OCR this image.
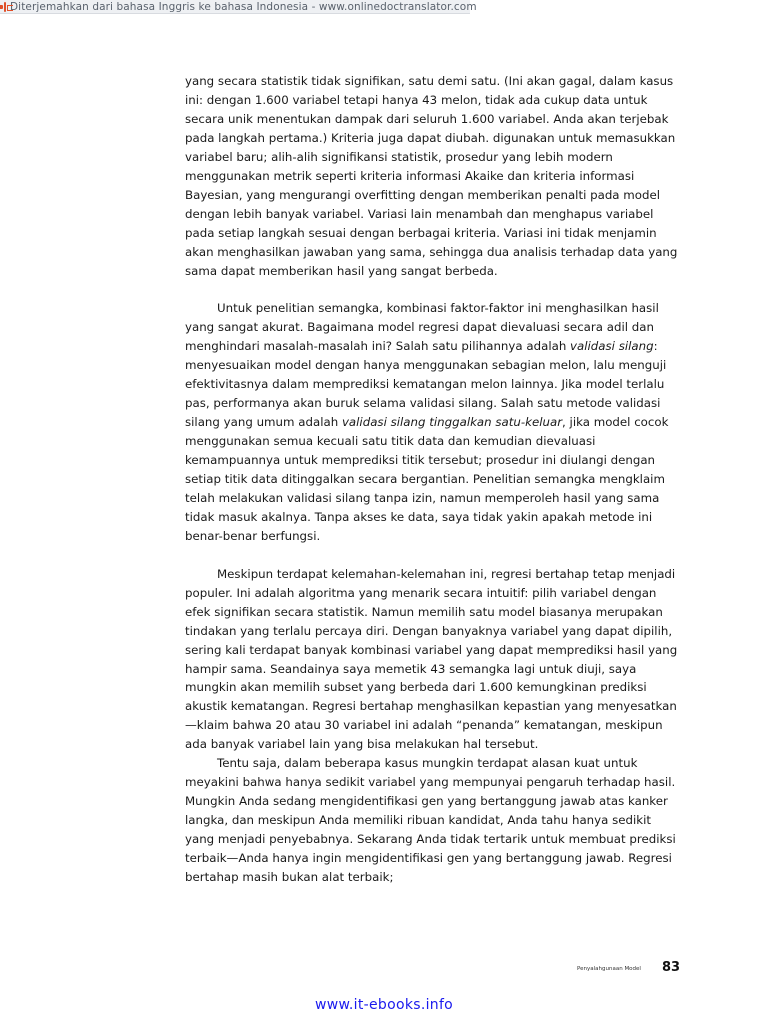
Diterjemahkan dari bahasa Inggris ke bahasa Indonesia - www.onlinedoctranslator.com

yang secara statistik tidak signifikan, satu demi satu. (Ini akan gagal, dalam kasus ini: dengan 1.600 variabel tetapi hanya 43 melon, tidak ada cukup data untuk secara unik menentukan dampak dari seluruh 1.600 variabel. Anda akan terjebak pada langkah pertama.) Kriteria juga dapat diubah. digunakan untuk memasukkan variabel baru; alih-alih signifikansi statistik, prosedur yang lebih modern menggunakan metrik seperti kriteria informasi Akaike dan kriteria informasi Bayesian, yang mengurangi overfitting dengan memberikan penalti pada model dengan lebih banyak variabel. Variasi lain menambah dan menghapus variabel pada setiap langkah sesuai dengan berbagai kriteria. Variasi ini tidak menjamin akan menghasilkan jawaban yang sama, sehingga dua analisis terhadap data yang sama dapat memberikan hasil yang sangat berbeda.

Untuk penelitian semangka, kombinasi faktor-faktor ini menghasilkan hasil yang sangat akurat. Bagaimana model regresi dapat dievaluasi secara adil dan menghindari masalah-masalah ini? Salah satu pilihannya adalah validasi silang: menyesuaikan model dengan hanya menggunakan sebagian melon, lalu menguji efektivitasnya dalam memprediksi kematangan melon lainnya. Jika model terlalu pas, performanya akan buruk selama validasi silang. Salah satu metode validasi silang yang umum adalah validasi silang tinggalkan satu-keluar, jika model cocok menggunakan semua kecuali satu titik data dan kemudian dievaluasi kemampuannya untuk memprediksi titik tersebut; prosedur ini diulangi dengan setiap titik data ditinggalkan secara bergantian. Penelitian semangka mengklaim telah melakukan validasi silang tanpa izin, namun memperoleh hasil yang sama tidak masuk akalnya. Tanpa akses ke data, saya tidak yakin apakah metode ini benar-benar berfungsi.

Meskipun terdapat kelemahan-kelemahan ini, regresi bertahap tetap menjadi populer. Ini adalah algoritma yang menarik secara intuitif: pilih variabel dengan efek signifikan secara statistik. Namun memilih satu model biasanya merupakan tindakan yang terlalu percaya diri. Dengan banyaknya variabel yang dapat dipilih, sering kali terdapat banyak kombinasi variabel yang dapat memprediksi hasil yang hampir sama. Seandainya saya memetik 43 semangka lagi untuk diuji, saya mungkin akan memilih subset yang berbeda dari 1.600 kemungkinan prediksi akustik kematangan. Regresi bertahap menghasilkan kepastian yang menyesatkan—klaim bahwa 20 atau 30 variabel ini adalah “penanda” kematangan, meskipun ada banyak variabel lain yang bisa melakukan hal tersebut.

Tentu saja, dalam beberapa kasus mungkin terdapat alasan kuat untuk meyakini bahwa hanya sedikit variabel yang mempunyai pengaruh terhadap hasil. Mungkin Anda sedang mengidentifikasi gen yang bertanggung jawab atas kanker langka, dan meskipun Anda memiliki ribuan kandidat, Anda tahu hanya sedikit yang menjadi penyebabnya. Sekarang Anda tidak tertarik untuk membuat prediksi terbaik—Anda hanya ingin mengidentifikasi gen yang bertanggung jawab. Regresi bertahap masih bukan alat terbaik;

Penyalahgunaan Model 83
www.it-ebooks.info
